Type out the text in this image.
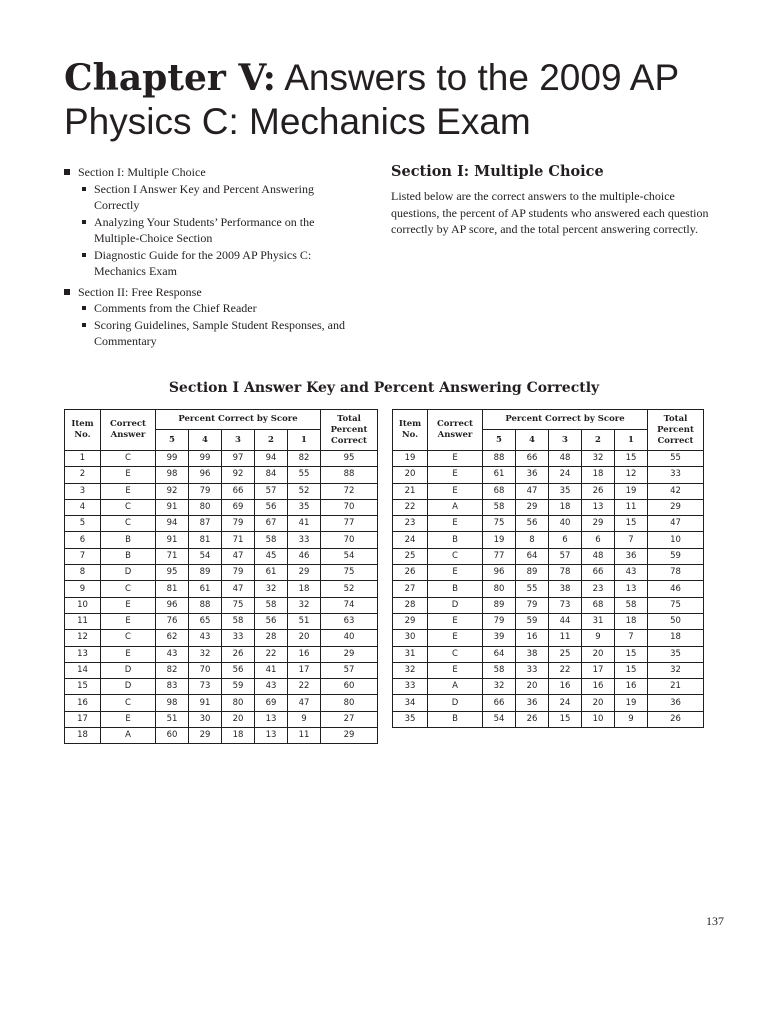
Chapter V: Answers to the 2009 AP Physics C: Mechanics Exam
Section I: Multiple Choice
Section I Answer Key and Percent Answering Correctly
Analyzing Your Students’ Performance on the Multiple-Choice Section
Diagnostic Guide for the 2009 AP Physics C: Mechanics Exam
Section II: Free Response
Comments from the Chief Reader
Scoring Guidelines, Sample Student Responses, and Commentary
Section I: Multiple Choice

Listed below are the correct answers to the multiple-choice questions, the percent of AP students who answered each question correctly by AP score, and the total percent answering correctly.

Section I Answer Key and Percent Answering Correctly
Item No.	Correct Answer	Percent Correct by Score					Total Percent Correct
		5	4	3	2	1	
1	C	99	99	97	94	82	95
2	E	98	96	92	84	55	88
3	E	92	79	66	57	52	72
4	C	91	80	69	56	35	70
5	C	94	87	79	67	41	77
6	B	91	81	71	58	33	70
7	B	71	54	47	45	46	54
8	D	95	89	79	61	29	75
9	C	81	61	47	32	18	52
10	E	96	88	75	58	32	74
11	E	76	65	58	56	51	63
12	C	62	43	33	28	20	40
13	E	43	32	26	22	16	29
14	D	82	70	56	41	17	57
15	D	83	73	59	43	22	60
16	C	98	91	80	69	47	80
17	E	51	30	20	13	9	27
18	A	60	29	18	13	11	29
Item No.	Correct Answer	Percent Correct by Score					Total Percent Correct
		5	4	3	2	1	
19	E	88	66	48	32	15	55
20	E	61	36	24	18	12	33
21	E	68	47	35	26	19	42
22	A	58	29	18	13	11	29
23	E	75	56	40	29	15	47
24	B	19	8	6	6	7	10
25	C	77	64	57	48	36	59
26	E	96	89	78	66	43	78
27	B	80	55	38	23	13	46
28	D	89	79	73	68	58	75
29	E	79	59	44	31	18	50
30	E	39	16	11	9	7	18
31	C	64	38	25	20	15	35
32	E	58	33	22	17	15	32
33	A	32	20	16	16	16	21
34	D	66	36	24	20	19	36
35	B	54	26	15	10	9	26
137
